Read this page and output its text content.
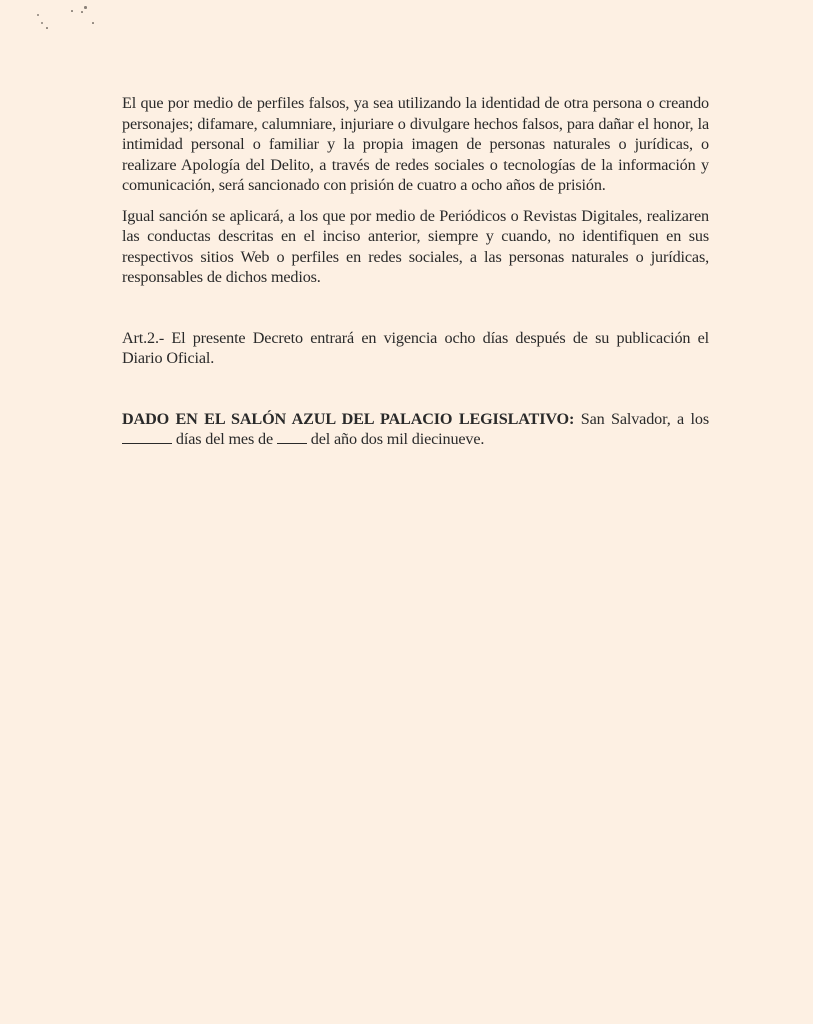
El que por medio de perfiles falsos, ya sea utilizando la identidad de otra persona o creando personajes; difamare, calumniare, injuriare o divulgare hechos falsos, para dañar el honor, la intimidad personal o familiar y la propia imagen de personas naturales o jurídicas, o realizare Apología del Delito, a través de redes sociales o tecnologías de la información y comunicación, será sancionado con prisión de cuatro a ocho años de prisión.

Igual sanción se aplicará, a los que por medio de Periódicos o Revistas Digitales, realizaren las conductas descritas en el inciso anterior, siempre y cuando, no identifiquen en sus respectivos sitios Web o perfiles en redes sociales, a las personas naturales o jurídicas, responsables de dichos medios.

Art.2.- El presente Decreto entrará en vigencia ocho días después de su publicación el Diario Oficial.

DADO EN EL SALÓN AZUL DEL PALACIO LEGISLATIVO: San Salvador, a los  días del mes de  del año dos mil diecinueve.
